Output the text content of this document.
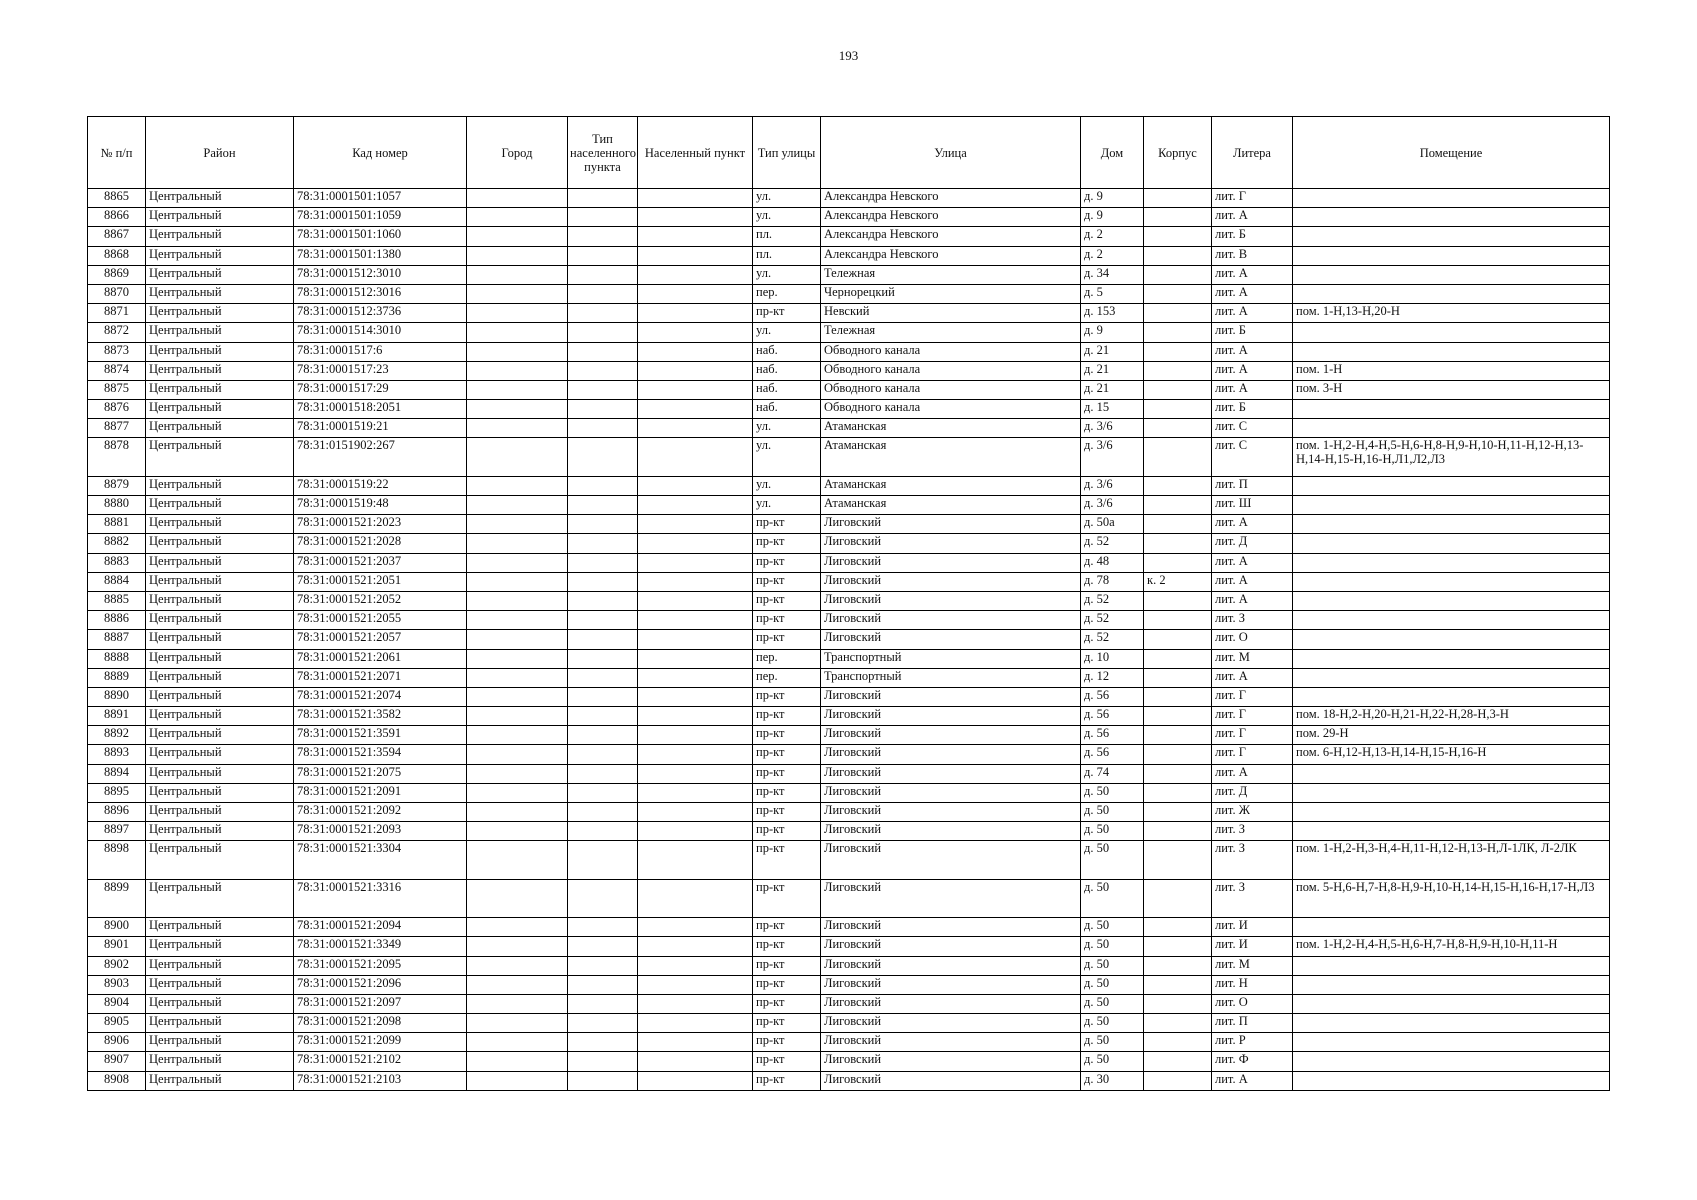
193
№ п/п	Район	Кад номер	Город	Тип населенного пункта	Населенный пункт	Тип улицы	Улица	Дом	Корпус	Литера	Помещение
8865	Центральный	78:31:0001501:1057				ул.	Александра Невского	д. 9		лит. Г	
8866	Центральный	78:31:0001501:1059				ул.	Александра Невского	д. 9		лит. А	
8867	Центральный	78:31:0001501:1060				пл.	Александра Невского	д. 2		лит. Б	
8868	Центральный	78:31:0001501:1380				пл.	Александра Невского	д. 2		лит. В	
8869	Центральный	78:31:0001512:3010				ул.	Тележная	д. 34		лит. А	
8870	Центральный	78:31:0001512:3016				пер.	Чернорецкий	д. 5		лит. А	
8871	Центральный	78:31:0001512:3736				пр-кт	Невский	д. 153		лит. А	пом. 1-Н,13-Н,20-Н
8872	Центральный	78:31:0001514:3010				ул.	Тележная	д. 9		лит. Б	
8873	Центральный	78:31:0001517:6				наб.	Обводного канала	д. 21		лит. А	
8874	Центральный	78:31:0001517:23				наб.	Обводного канала	д. 21		лит. А	пом. 1-Н
8875	Центральный	78:31:0001517:29				наб.	Обводного канала	д. 21		лит. А	пом. 3-Н
8876	Центральный	78:31:0001518:2051				наб.	Обводного канала	д. 15		лит. Б	
8877	Центральный	78:31:0001519:21				ул.	Атаманская	д. 3/6		лит. С	
8878	Центральный	78:31:0151902:267				ул.	Атаманская	д. 3/6		лит. С	пом. 1-Н,2-Н,4-Н,5-Н,6-Н,8-Н,9-Н,10-Н,11-Н,12-Н,13-Н,14-Н,15-Н,16-Н,Л1,Л2,Л3
8879	Центральный	78:31:0001519:22				ул.	Атаманская	д. 3/6		лит. П	
8880	Центральный	78:31:0001519:48				ул.	Атаманская	д. 3/6		лит. Ш	
8881	Центральный	78:31:0001521:2023				пр-кт	Лиговский	д. 50а		лит. А	
8882	Центральный	78:31:0001521:2028				пр-кт	Лиговский	д. 52		лит. Д	
8883	Центральный	78:31:0001521:2037				пр-кт	Лиговский	д. 48		лит. А	
8884	Центральный	78:31:0001521:2051				пр-кт	Лиговский	д. 78	к. 2	лит. А	
8885	Центральный	78:31:0001521:2052				пр-кт	Лиговский	д. 52		лит. А	
8886	Центральный	78:31:0001521:2055				пр-кт	Лиговский	д. 52		лит. З	
8887	Центральный	78:31:0001521:2057				пр-кт	Лиговский	д. 52		лит. О	
8888	Центральный	78:31:0001521:2061				пер.	Транспортный	д. 10		лит. М	
8889	Центральный	78:31:0001521:2071				пер.	Транспортный	д. 12		лит. А	
8890	Центральный	78:31:0001521:2074				пр-кт	Лиговский	д. 56		лит. Г	
8891	Центральный	78:31:0001521:3582				пр-кт	Лиговский	д. 56		лит. Г	пом. 18-Н,2-Н,20-Н,21-Н,22-Н,28-Н,3-Н
8892	Центральный	78:31:0001521:3591				пр-кт	Лиговский	д. 56		лит. Г	пом. 29-Н
8893	Центральный	78:31:0001521:3594				пр-кт	Лиговский	д. 56		лит. Г	пом. 6-Н,12-Н,13-Н,14-Н,15-Н,16-Н
8894	Центральный	78:31:0001521:2075				пр-кт	Лиговский	д. 74		лит. А	
8895	Центральный	78:31:0001521:2091				пр-кт	Лиговский	д. 50		лит. Д	
8896	Центральный	78:31:0001521:2092				пр-кт	Лиговский	д. 50		лит. Ж	
8897	Центральный	78:31:0001521:2093				пр-кт	Лиговский	д. 50		лит. З	
8898	Центральный	78:31:0001521:3304				пр-кт	Лиговский	д. 50		лит. З	пом. 1-Н,2-Н,3-Н,4-Н,11-Н,12-Н,13-Н,Л-1ЛК, Л-2ЛК
8899	Центральный	78:31:0001521:3316				пр-кт	Лиговский	д. 50		лит. З	пом. 5-Н,6-Н,7-Н,8-Н,9-Н,10-Н,14-Н,15-Н,16-Н,17-Н,Л3
8900	Центральный	78:31:0001521:2094				пр-кт	Лиговский	д. 50		лит. И	
8901	Центральный	78:31:0001521:3349				пр-кт	Лиговский	д. 50		лит. И	пом. 1-Н,2-Н,4-Н,5-Н,6-Н,7-Н,8-Н,9-Н,10-Н,11-Н
8902	Центральный	78:31:0001521:2095				пр-кт	Лиговский	д. 50		лит. М	
8903	Центральный	78:31:0001521:2096				пр-кт	Лиговский	д. 50		лит. Н	
8904	Центральный	78:31:0001521:2097				пр-кт	Лиговский	д. 50		лит. О	
8905	Центральный	78:31:0001521:2098				пр-кт	Лиговский	д. 50		лит. П	
8906	Центральный	78:31:0001521:2099				пр-кт	Лиговский	д. 50		лит. Р	
8907	Центральный	78:31:0001521:2102				пр-кт	Лиговский	д. 50		лит. Ф	
8908	Центральный	78:31:0001521:2103				пр-кт	Лиговский	д. 30		лит. А	
